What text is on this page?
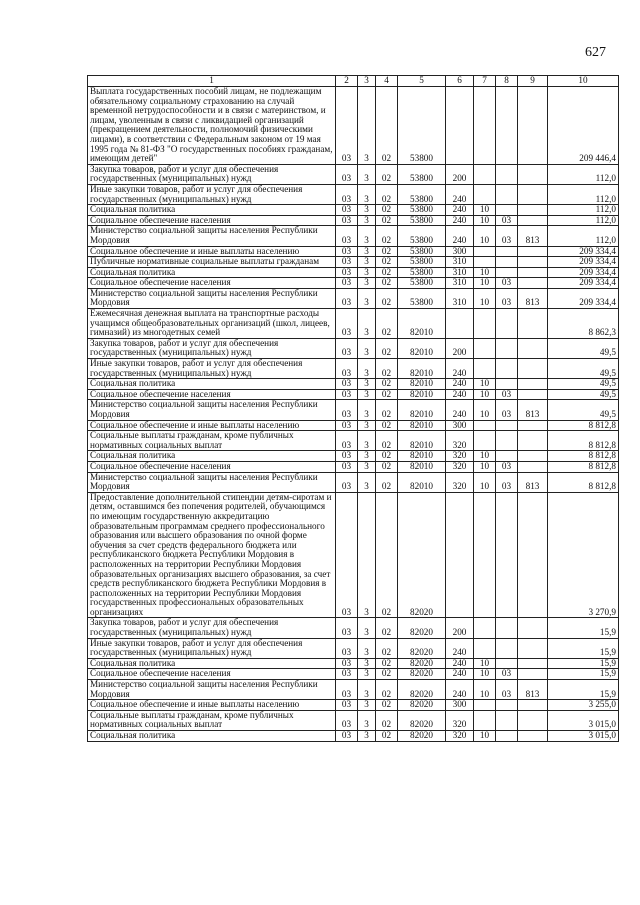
627
1	2	3	4	5	6	7	8	9	10
Выплата государственных пособий лицам, не подлежащим обязательному социальному страхованию на случай временной нетрудоспособности и в связи с материнством, и лицам, уволенным в связи с ликвидацией организаций (прекращением деятельности, полномочий физическими лицами), в соответствии с Федеральным законом от 19 мая 1995 года № 81-ФЗ "О государственных пособиях гражданам, имеющим детей"	03	3	02	53800					209 446,4
Закупка товаров, работ и услуг для обеспечения государственных (муниципальных) нужд	03	3	02	53800	200				112,0
Иные закупки товаров, работ и услуг для обеспечения государственных (муниципальных) нужд	03	3	02	53800	240				112,0
Социальная политика	03	3	02	53800	240	10			112,0
Социальное обеспечение населения	03	3	02	53800	240	10	03		112,0
Министерство социальной защиты населения Республики Мордовия	03	3	02	53800	240	10	03	813	112,0
Социальное обеспечение и иные выплаты населению	03	3	02	53800	300				209 334,4
Публичные нормативные социальные выплаты гражданам	03	3	02	53800	310				209 334,4
Социальная политика	03	3	02	53800	310	10			209 334,4
Социальное обеспечение населения	03	3	02	53800	310	10	03		209 334,4
Министерство социальной защиты населения Республики Мордовия	03	3	02	53800	310	10	03	813	209 334,4
Ежемесячная денежная выплата на транспортные расходы учащимся общеобразовательных организаций (школ, лицеев, гимназий) из многодетных семей	03	3	02	82010					8 862,3
Закупка товаров, работ и услуг для обеспечения государственных (муниципальных) нужд	03	3	02	82010	200				49,5
Иные закупки товаров, работ и услуг для обеспечения государственных (муниципальных) нужд	03	3	02	82010	240				49,5
Социальная политика	03	3	02	82010	240	10			49,5
Социальное обеспечение населения	03	3	02	82010	240	10	03		49,5
Министерство социальной защиты населения Республики Мордовия	03	3	02	82010	240	10	03	813	49,5
Социальное обеспечение и иные выплаты населению	03	3	02	82010	300				8 812,8
Социальные выплаты гражданам, кроме публичных нормативных социальных выплат	03	3	02	82010	320				8 812,8
Социальная политика	03	3	02	82010	320	10			8 812,8
Социальное обеспечение населения	03	3	02	82010	320	10	03		8 812,8
Министерство социальной защиты населения Республики Мордовия	03	3	02	82010	320	10	03	813	8 812,8
Предоставление дополнительной стипендии детям-сиротам и детям, оставшимся без попечения родителей, обучающимся по имеющим государственную аккредитацию образовательным программам среднего профессионального образования или высшего образования по очной форме обучения за счет средств федерального бюджета или республиканского бюджета Республики Мордовия в расположенных на территории Республики Мордовия образовательных организациях высшего образования, за счет средств республиканского бюджета Республики Мордовия в расположенных на территории Республики Мордовия государственных профессиональных образовательных организациях	03	3	02	82020					3 270,9
Закупка товаров, работ и услуг для обеспечения государственных (муниципальных) нужд	03	3	02	82020	200				15,9
Иные закупки товаров, работ и услуг для обеспечения государственных (муниципальных) нужд	03	3	02	82020	240				15,9
Социальная политика	03	3	02	82020	240	10			15,9
Социальное обеспечение населения	03	3	02	82020	240	10	03		15,9
Министерство социальной защиты населения Республики Мордовия	03	3	02	82020	240	10	03	813	15,9
Социальное обеспечение и иные выплаты населению	03	3	02	82020	300				3 255,0
Социальные выплаты гражданам, кроме публичных нормативных социальных выплат	03	3	02	82020	320				3 015,0
Социальная политика	03	3	02	82020	320	10			3 015,0
